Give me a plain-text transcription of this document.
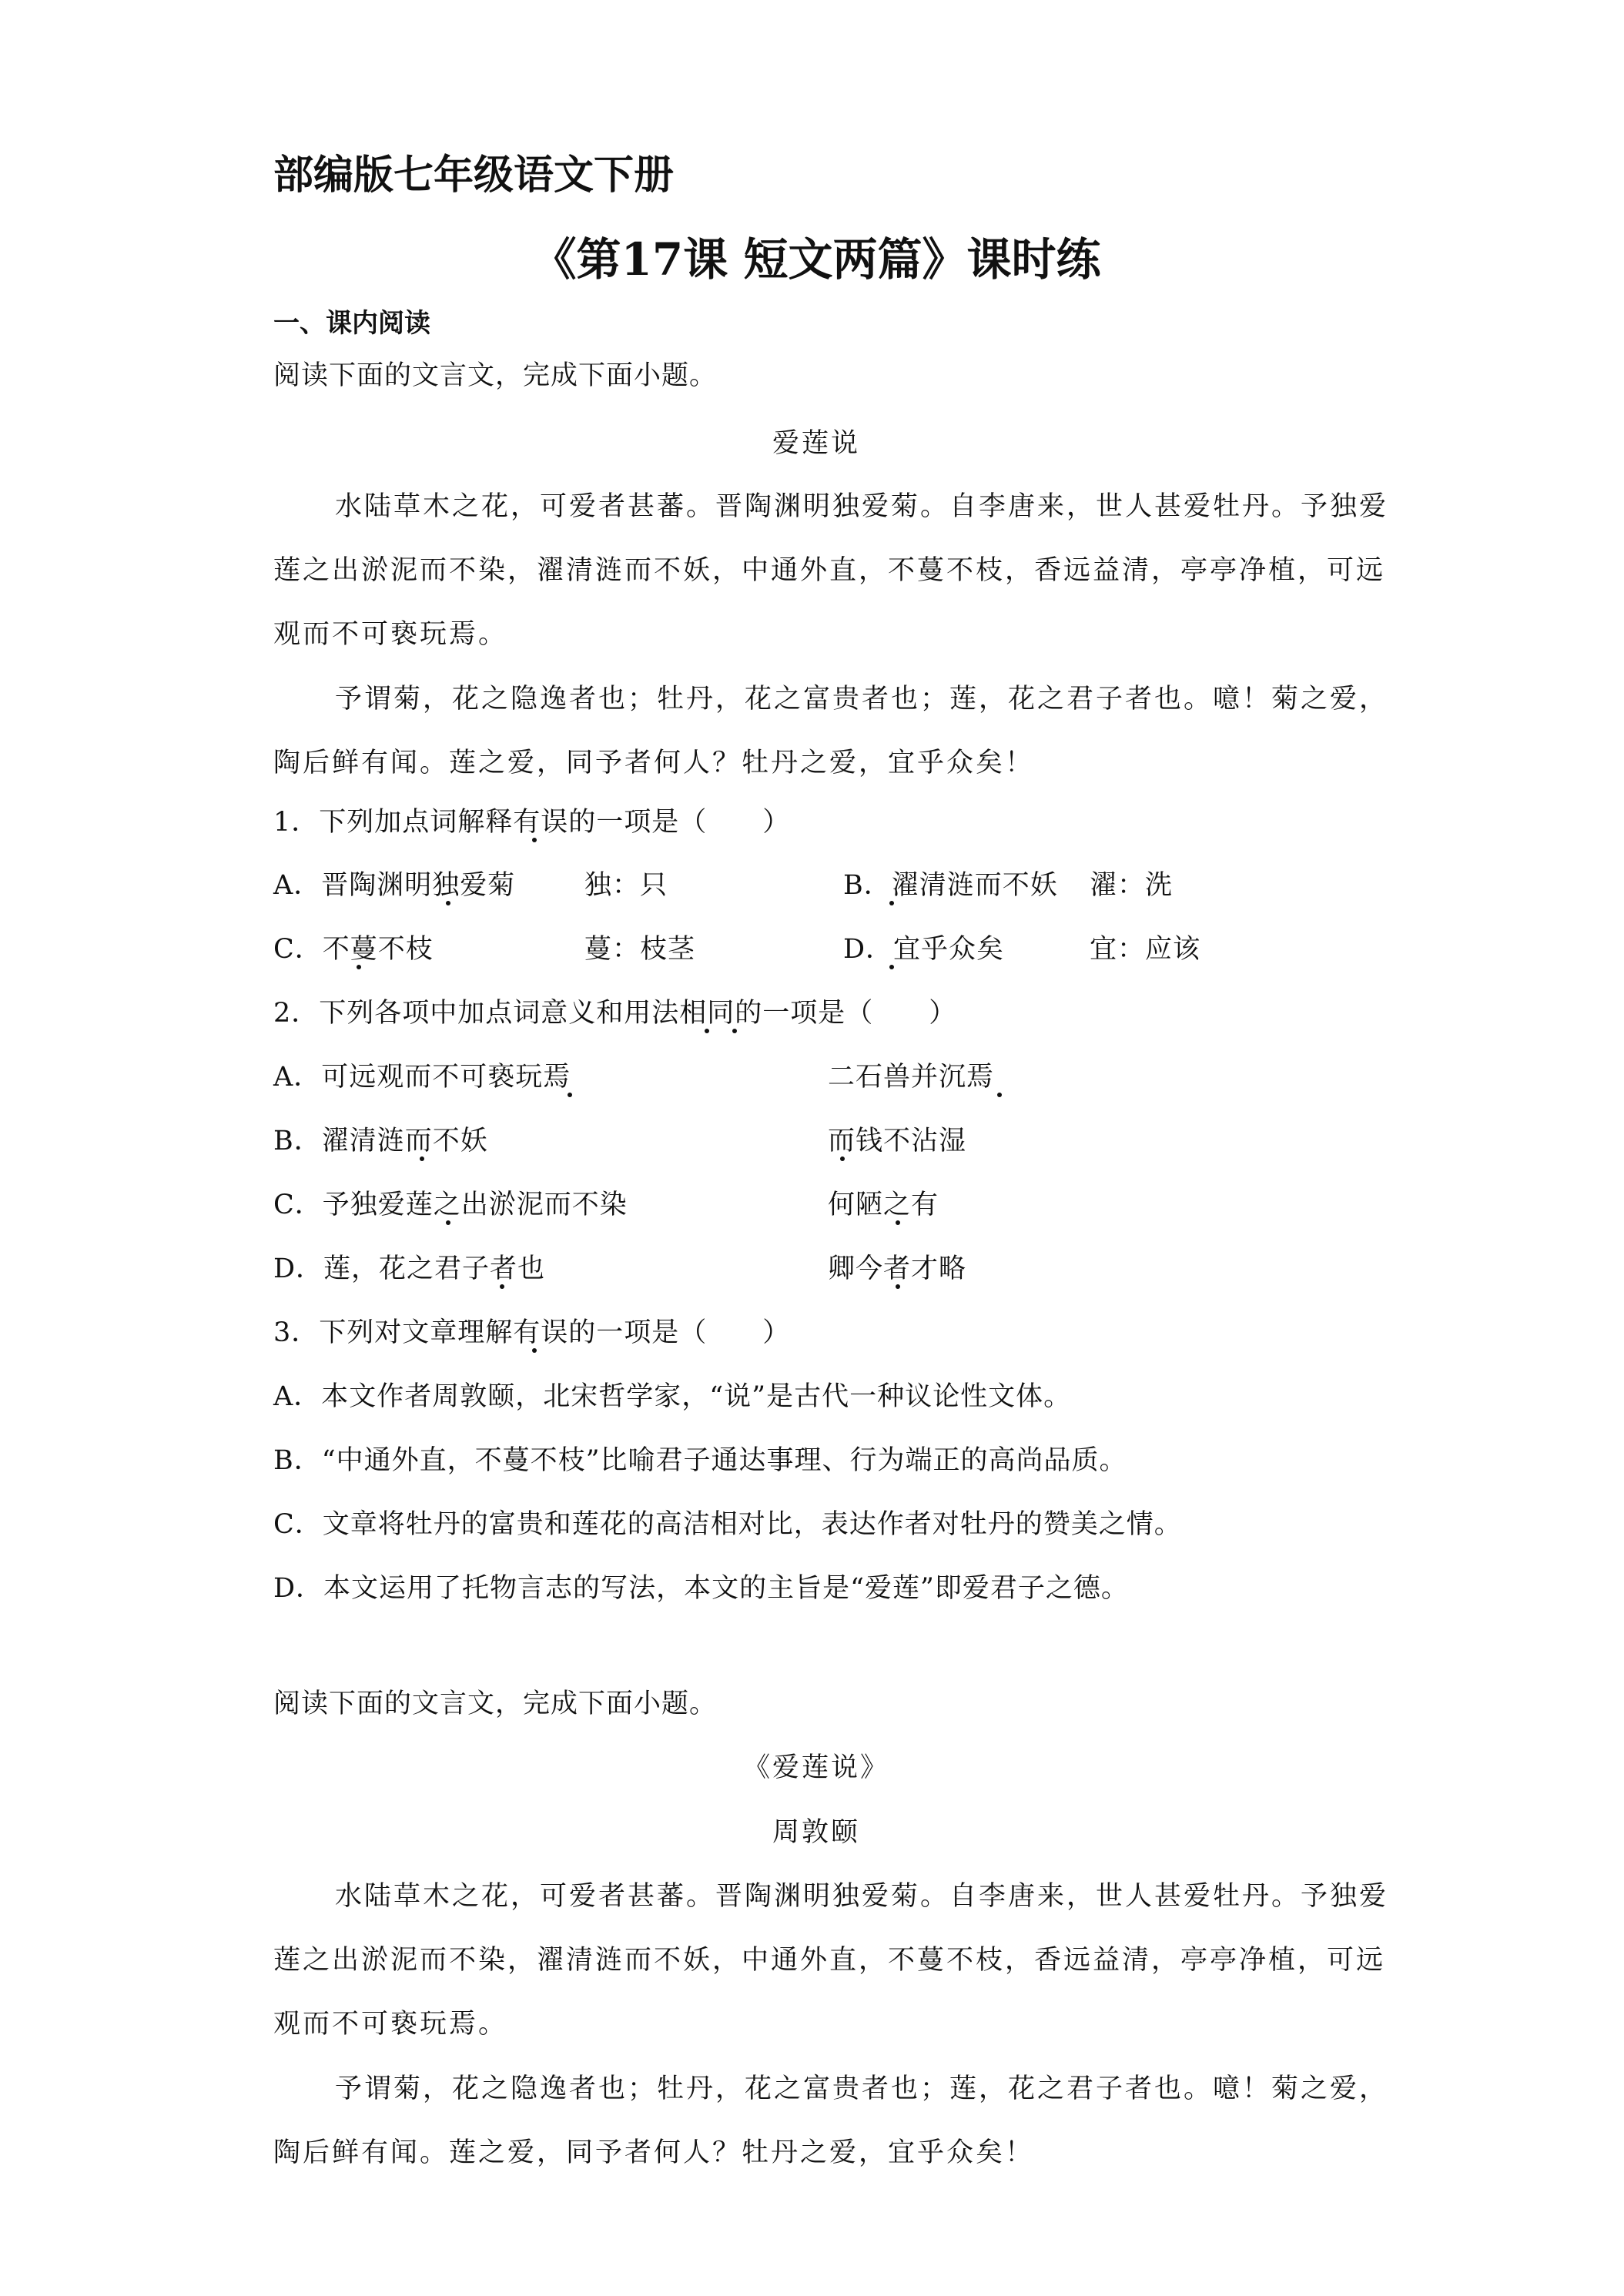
部编版七年级语文下册
《第17课 短文两篇》课时练
一、课内阅读
阅读下面的文言文，完成下面小题。
爱莲说
水陆草木之花，可爱者甚蕃。晋陶渊明独爱菊。自李唐来，世人甚爱牡丹。予独爱
莲之出淤泥而不染，濯清涟而不妖，中通外直，不蔓不枝，香远益清，亭亭净植，可远
观而不可亵玩焉。
予谓菊，花之隐逸者也；牡丹，花之富贵者也；莲，花之君子者也。噫！菊之爱，
陶后鲜有闻。莲之爱，同予者何人？牡丹之爱，宜乎众矣！
1．下列加点词解释有误的一项是（　　）
A．晋陶渊明独爱菊	独：只	B．濯清涟而不妖 濯：洗
C．不蔓不枝	蔓：枝茎	D．宜乎众矣	宜：应该
2．下列各项中加点词意义和用法相同的一项是（　　）
A．可远观而不可亵玩焉	二石兽并沉焉
B．濯清涟而不妖	而钱不沾湿
C．予独爱莲之出淤泥而不染	何陋之有
D．莲，花之君子者也	卿今者才略
3．下列对文章理解有误的一项是（　　）
A．本文作者周敦颐，北宋哲学家，“说”是古代一种议论性文体。
B．“中通外直，不蔓不枝”比喻君子通达事理、行为端正的高尚品质。
C．文章将牡丹的富贵和莲花的高洁相对比，表达作者对牡丹的赞美之情。
D．本文运用了托物言志的写法，本文的主旨是“爱莲”即爱君子之德。
阅读下面的文言文，完成下面小题。
《爱莲说》
周敦颐
水陆草木之花，可爱者甚蕃。晋陶渊明独爱菊。自李唐来，世人甚爱牡丹。予独爱
莲之出淤泥而不染，濯清涟而不妖，中通外直，不蔓不枝，香远益清，亭亭净植，可远
观而不可亵玩焉。
予谓菊，花之隐逸者也；牡丹，花之富贵者也；莲，花之君子者也。噫！菊之爱，
陶后鲜有闻。莲之爱，同予者何人？牡丹之爱，宜乎众矣！
